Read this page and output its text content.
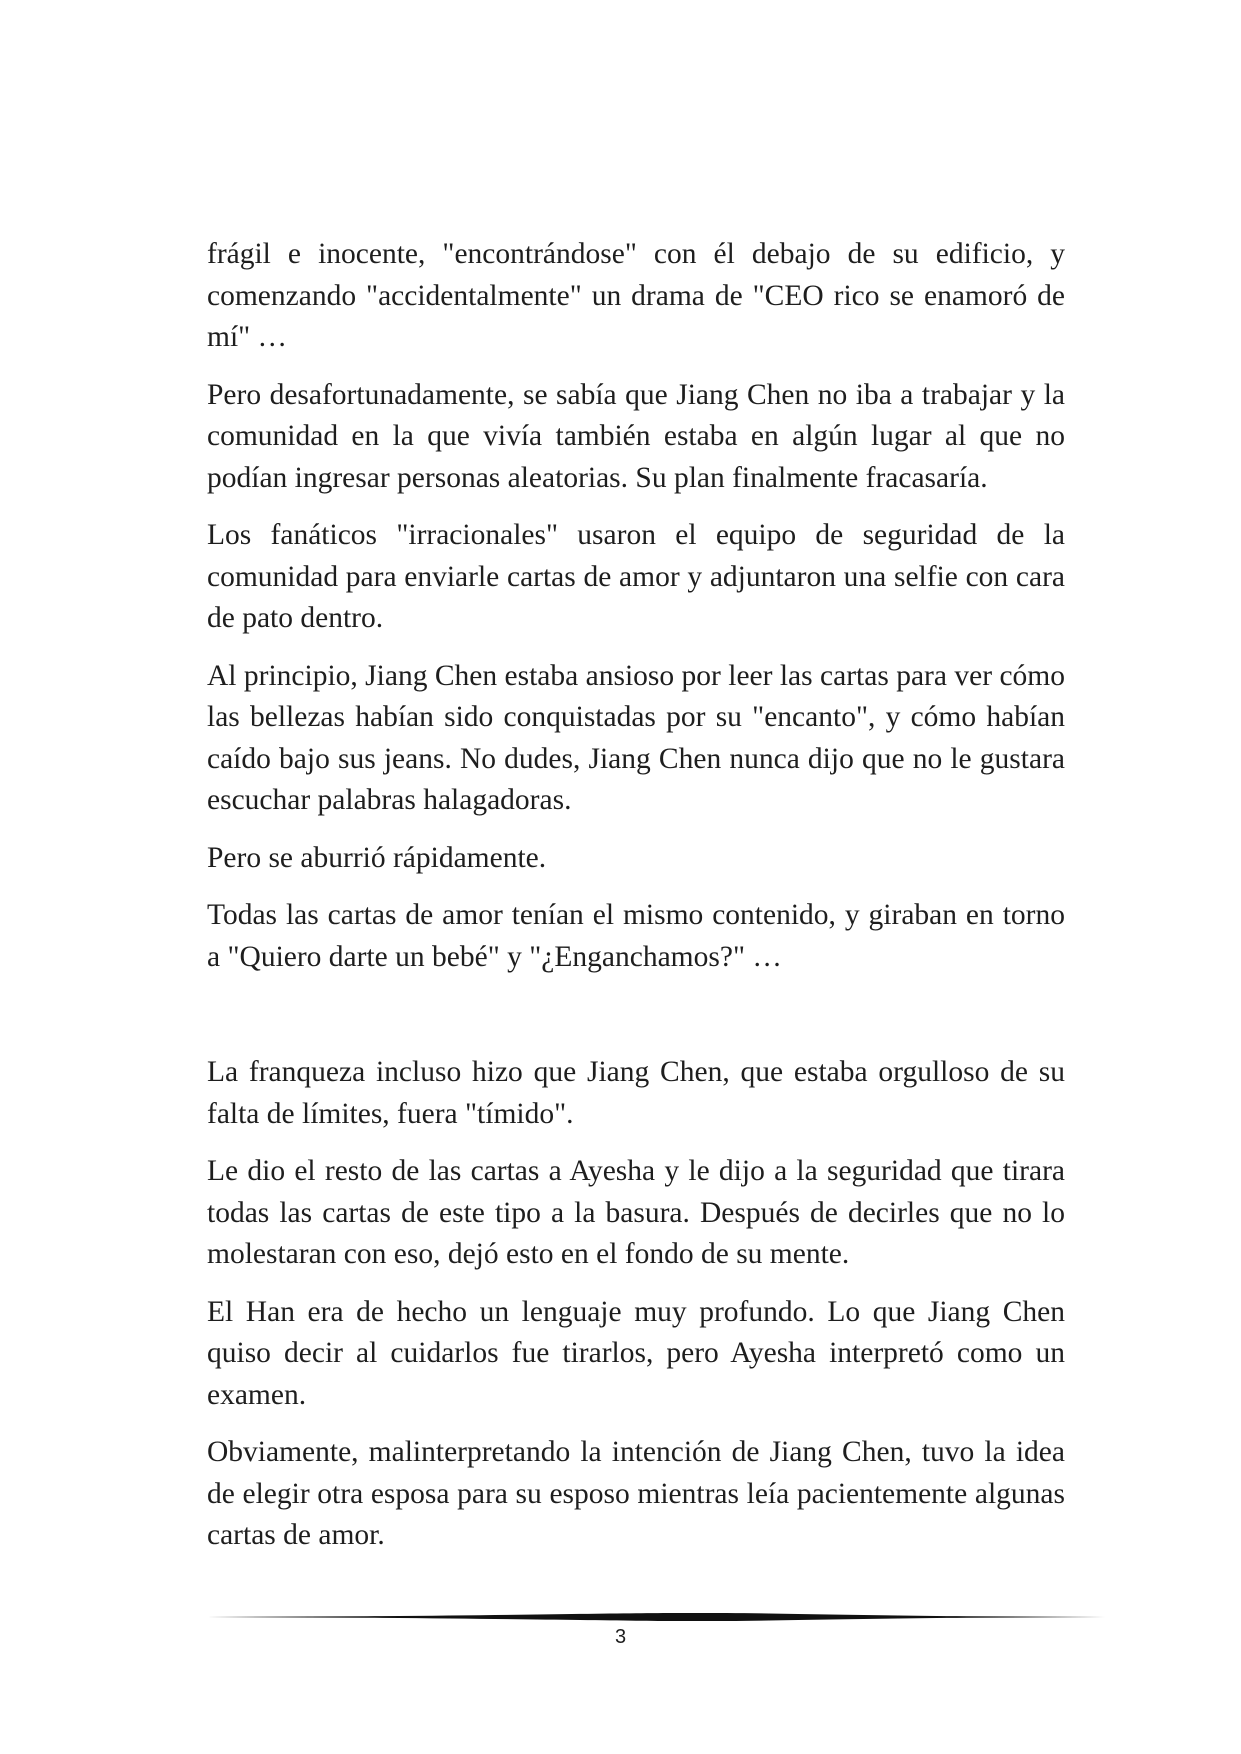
frágil e inocente, "encontrándose" con él debajo de su edificio, y comenzando "accidentalmente" un drama de "CEO rico se enamoró de mí" …

Pero desafortunadamente, se sabía que Jiang Chen no iba a trabajar y la comunidad en la que vivía también estaba en algún lugar al que no podían ingresar personas aleatorias. Su plan finalmente fracasaría.

Los fanáticos "irracionales" usaron el equipo de seguridad de la comunidad para enviarle cartas de amor y adjuntaron una selfie con cara de pato dentro.

Al principio, Jiang Chen estaba ansioso por leer las cartas para ver cómo las bellezas habían sido conquistadas por su "encanto", y cómo habían caído bajo sus jeans. No dudes, Jiang Chen nunca dijo que no le gustara escuchar palabras halagadoras.

Pero se aburrió rápidamente.

Todas las cartas de amor tenían el mismo contenido, y giraban en torno a "Quiero darte un bebé" y "¿Enganchamos?" …

La franqueza incluso hizo que Jiang Chen, que estaba orgulloso de su falta de límites, fuera "tímido".

Le dio el resto de las cartas a Ayesha y le dijo a la seguridad que tirara todas las cartas de este tipo a la basura. Después de decirles que no lo molestaran con eso, dejó esto en el fondo de su mente.

El Han era de hecho un lenguaje muy profundo. Lo que Jiang Chen quiso decir al cuidarlos fue tirarlos, pero Ayesha interpretó como un examen.

Obviamente, malinterpretando la intención de Jiang Chen, tuvo la idea de elegir otra esposa para su esposo mientras leía pacientemente algunas cartas de amor.

3
